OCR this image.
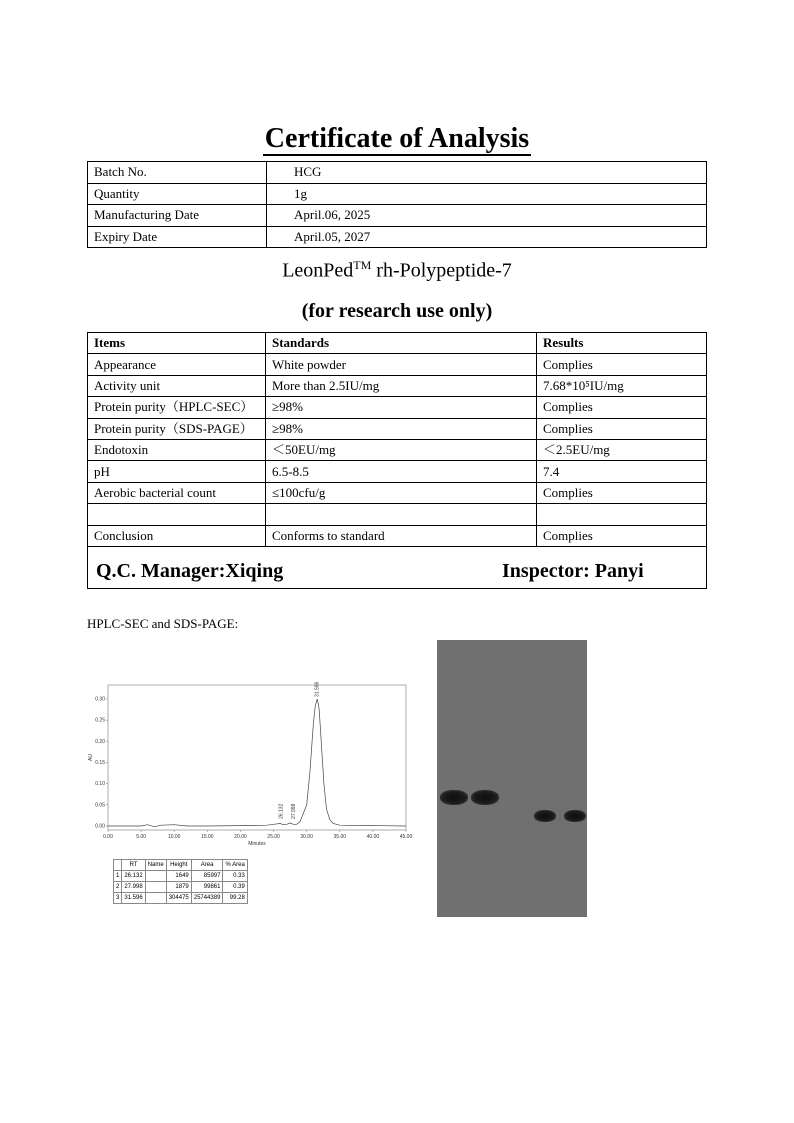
Certificate of Analysis
Batch No.	HCG
Quantity	1g
Manufacturing Date	April.06, 2025
Expiry Date	April.05, 2027
LeonPed™ rh-Polypeptide-7
(for research use only)
Items	Standards	Results
Appearance	White powder	Complies
Activity unit	More than 2.5IU/mg	7.68*10⁵IU/mg
Protein purity（HPLC-SEC）	≥98%	Complies
Protein purity（SDS-PAGE）	≥98%	Complies
Endotoxin	＜50EU/mg	＜2.5EU/mg
pH	6.5-8.5	7.4
Aerobic bacterial count	≤100cfu/g	Complies

Conclusion	Conforms to standard	Complies

Q.C. Manager:Xiqing	Inspector: Panyi
HPLC-SEC and SDS-PAGE:
0.00	5.00	10.00	15.00	20.00	25.00	30.00	35.00	40.00	45.00
0.00
0.05
0.10
0.15
0.20
0.25
0.30
Minutes
AU
26.132 27.998
31.596
	RT	Name	Height	Area	% Area
1	26.132		1649	85997	0.33
2	27.998		1879	99861	0.39
3	31.596		304475	25744389	99.28
